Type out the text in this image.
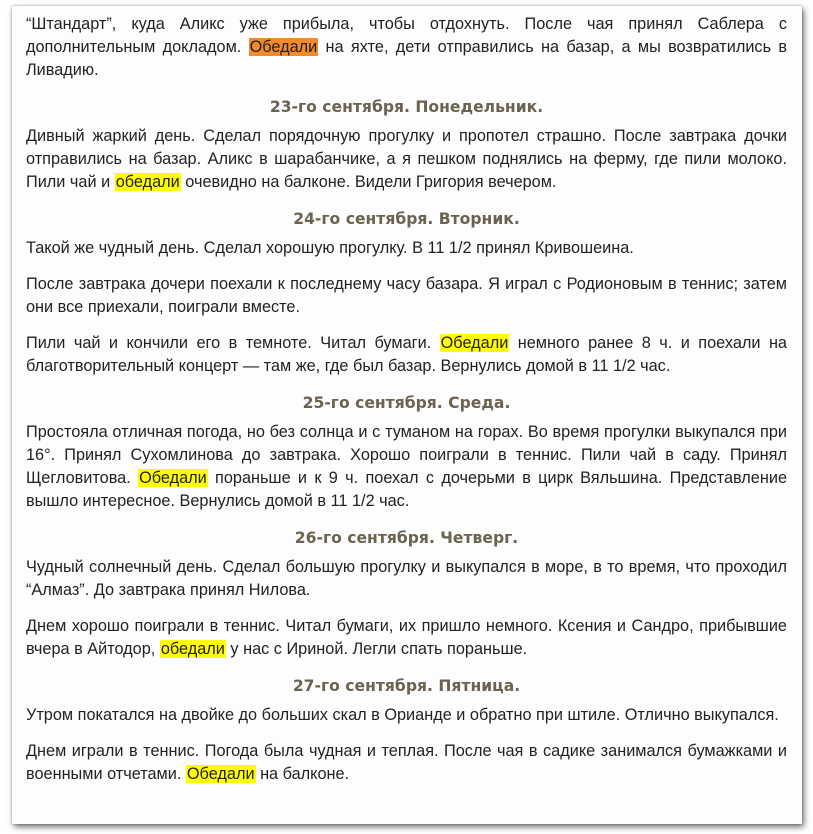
“Штандарт”, куда Аликс уже прибыла, чтобы отдохнуть. После чая принял Саблера с дополнительным докладом. Обедали на яхте, дети отправились на базар, а мы возвратились в Ливадию.

23-го сентября. Понедельник.

Дивный жаркий день. Сделал порядочную прогулку и пропотел страшно. После завтрака дочки отправились на базар. Аликс в шарабанчике, а я пешком поднялись на ферму, где пили молоко. Пили чай и обедали очевидно на балконе. Видели Григория вечером.

24-го сентября. Вторник.

Такой же чудный день. Сделал хорошую прогулку. В 11 1/2 принял Кривошеина.

После завтрака дочери поехали к последнему часу базара. Я играл с Родионовым в теннис; затем они все приехали, поиграли вместе.

Пили чай и кончили его в темноте. Читал бумаги. Обедали немного ранее 8 ч. и поехали на благотворительный концерт — там же, где был базар. Вернулись домой в 11 1/2 час.

25-го сентября. Среда.

Простояла отличная погода, но без солнца и с туманом на горах. Во время прогулки выкупался при 16°. Принял Сухомлинова до завтрака. Хорошо поиграли в теннис. Пили чай в саду. Принял Щегловитова. Обедали пораньше и к 9 ч. поехал с дочерьми в цирк Вяльшина. Представление вышло интересное. Вернулись домой в 11 1/2 час.

26-го сентября. Четверг.

Чудный солнечный день. Сделал большую прогулку и выкупался в море, в то время, что проходил “Алмаз”. До завтрака принял Нилова.

Днем хорошо поиграли в теннис. Читал бумаги, их пришло немного. Ксения и Сандро, прибывшие вчера в Айтодор, обедали у нас с Ириной. Легли спать пораньше.

27-го сентября. Пятница.

Утром покатался на двойке до больших скал в Орианде и обратно при штиле. Отлично выкупался.

Днем играли в теннис. Погода была чудная и теплая. После чая в садике занимался бумажками и военными отчетами. Обедали на балконе.
